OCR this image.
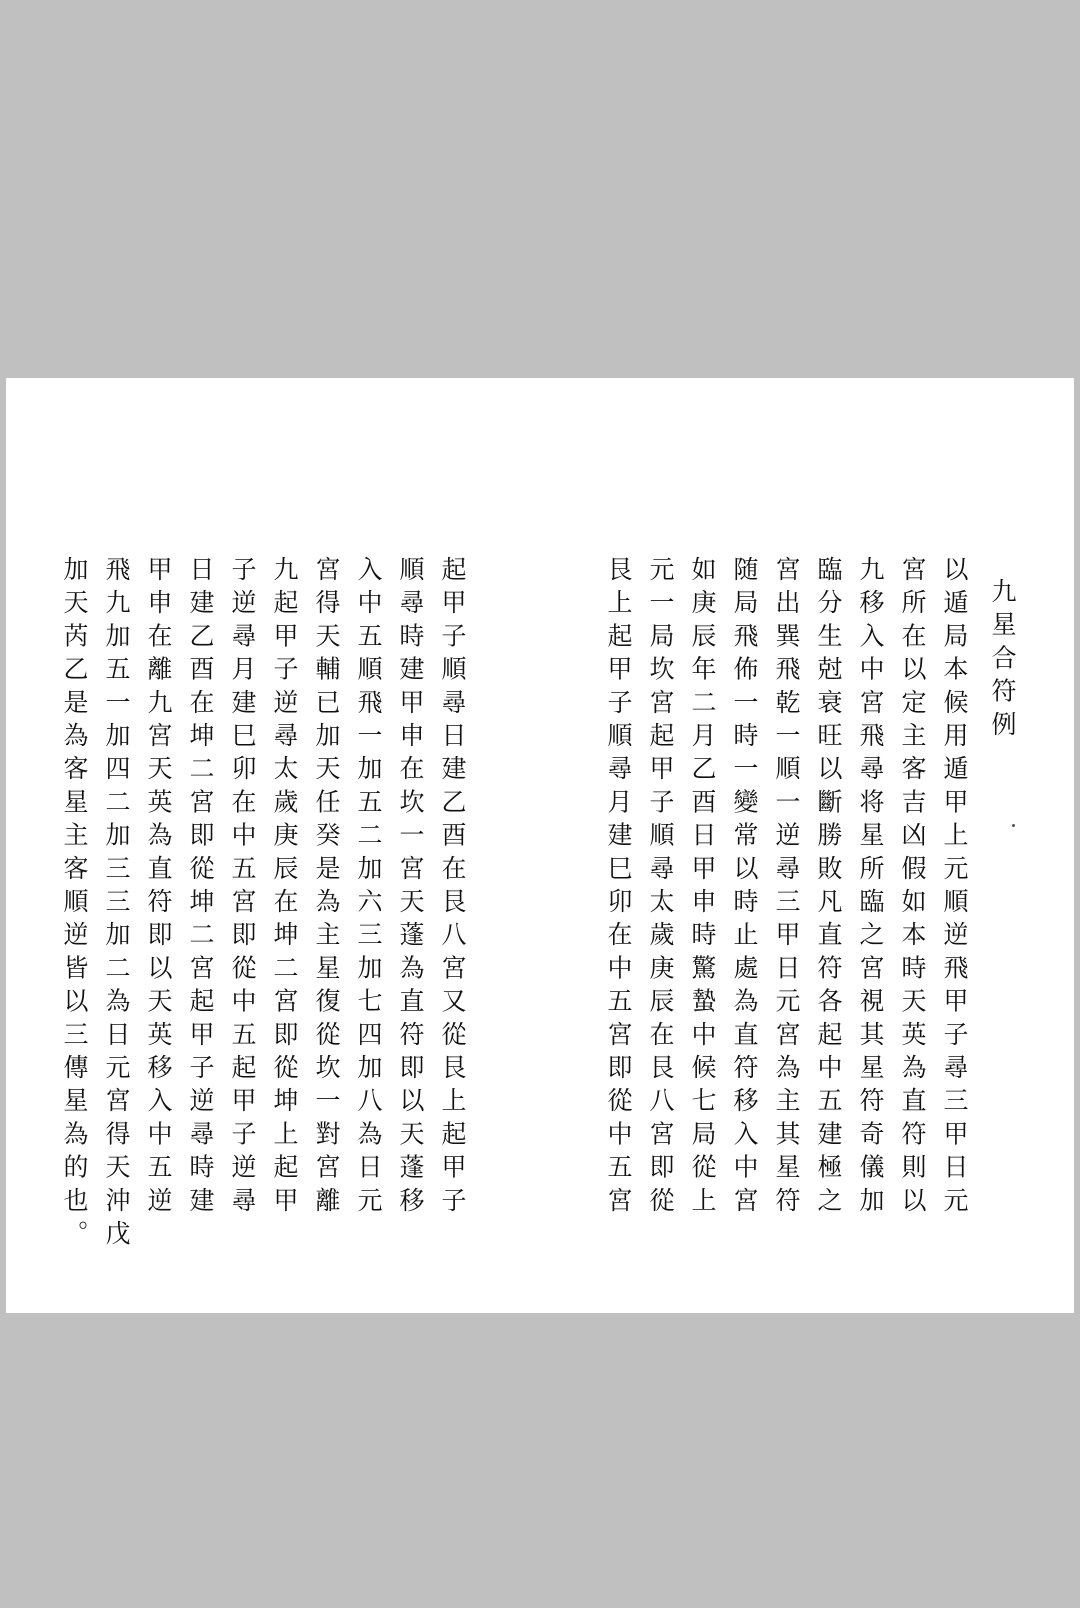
九星合符例
以遁局本候用遁甲上元順逆飛甲子尋三甲日元
宮所在以定主客吉凶假如本時天英為直符則以
九移入中宮飛尋将星所臨之宮視其星符奇儀加
臨分生尅衰旺以斷勝敗凡直符各起中五建極之
宮出巽飛乾一順一逆尋三甲日元宮為主其星符
随局飛佈一時一變常以時止處為直符移入中宮
如庚辰年二月乙酉日甲申時驚蟄中候七局從上
元一局坎宮起甲子順尋太歲庚辰在艮八宮即從
艮上起甲子順尋月建巳卯在中五宮即從中五宮
起甲子順尋日建乙酉在艮八宮又從艮上起甲子
順尋時建甲申在坎一宮天蓬為直符即以天蓬移
入中五順飛一加五二加六三加七四加八為日元
宮得天輔已加天任癸是為主星復從坎一對宮離
九起甲子逆尋太歲庚辰在坤二宮即從坤上起甲
子逆尋月建巳卯在中五宮即從中五起甲子逆尋
日建乙酉在坤二宮即從坤二宮起甲子逆尋時建
甲申在離九宮天英為直符即以天英移入中五逆
飛九加五一加四二加三三加二為日元宮得天沖戊
加天芮乙是為客星主客順逆皆以三傳星為的也。
